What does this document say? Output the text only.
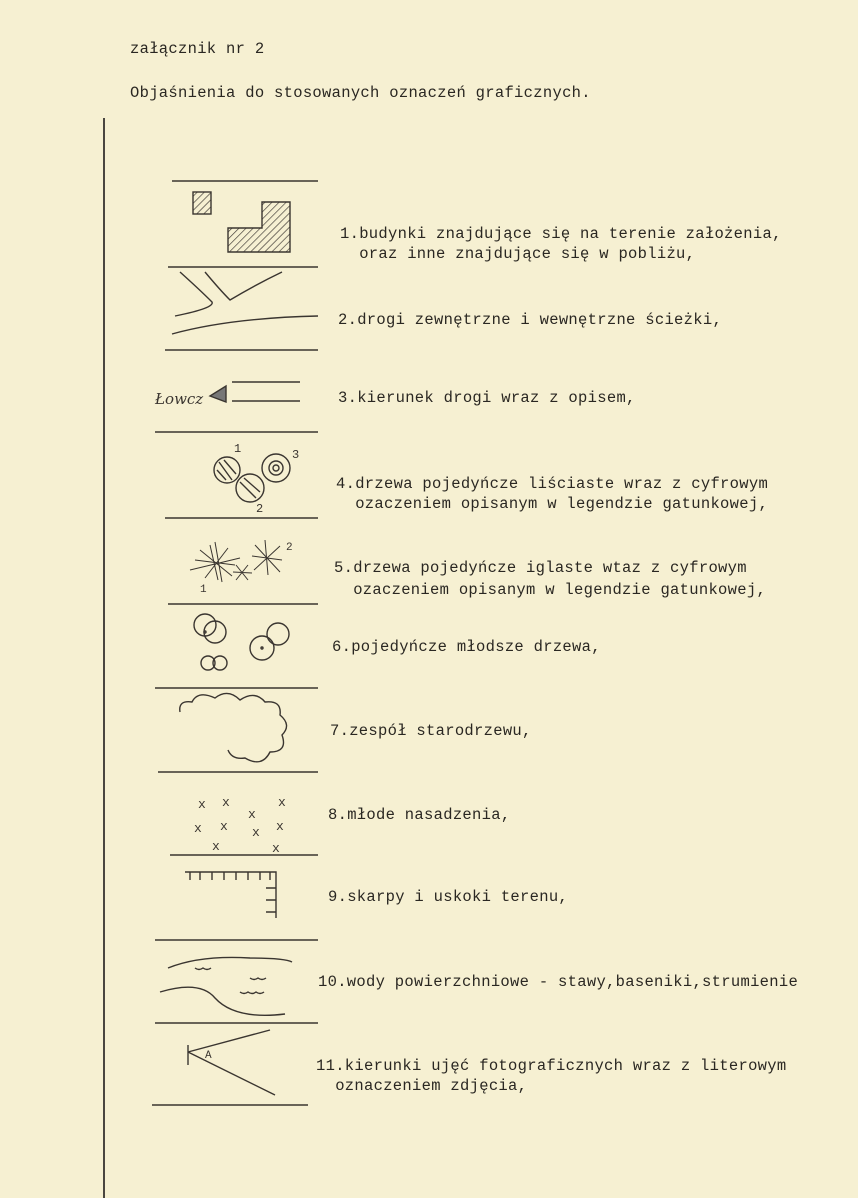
załącznik nr 2
Objaśnienia do stosowanych oznaczeń graficznych.
1.budynki znajdujące się na terenie założenia,
oraz inne znajdujące się w pobliżu,
2.drogi zewnętrzne i wewnętrzne ścieżki,
3.kierunek drogi wraz z opisem,
4.drzewa pojedyńcze liściaste wraz z cyfrowym
ozaczeniem opisanym w legendzie gatunkowej,
5.drzewa pojedyńcze iglaste wtaz z cyfrowym
ozaczeniem opisanym w legendzie gatunkowej,
6.pojedyńcze młodsze drzewa,
7.zespół starodrzewu,
8.młode nasadzenia,
9.skarpy i uskoki terenu,
10.wody powierzchniowe - stawy,baseniki,strumienie
11.kierunki ujęć fotograficznych wraz z literowym
oznaczeniem zdjęcia,
Łowcz
1
2
3
1
2
x x	x
x
x x	x
x
x	x
A
